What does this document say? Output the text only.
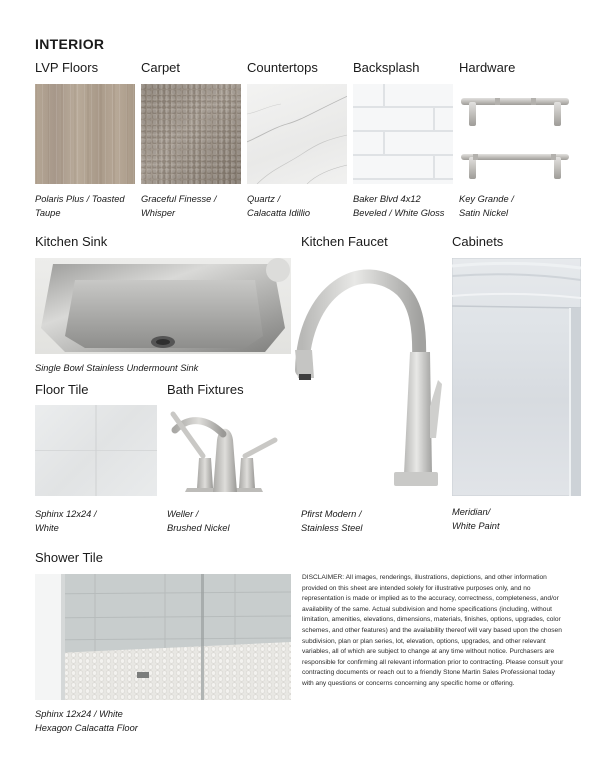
INTERIOR
LVP Floors	Carpet	Countertops	Backsplash	Hardware
Polaris Plus / Toasted
Taupe
Graceful Finesse /
Whisper
Quartz /
Calacatta Idillio
Baker Blvd 4x12
Beveled / White Gloss
Key Grande /
Satin Nickel
Kitchen Sink	Kitchen Faucet	Cabinets
Single Bowl Stainless Undermount Sink
Floor Tile	Bath Fixtures
Sphinx 12x24 /
White
Weller /
Brushed Nickel
Pfirst Modern /
Stainless Steel
Meridian/
White Paint
Shower Tile
Sphinx 12x24 / White
Hexagon Calacatta Floor
DISCLAIMER: All images, renderings, illustrations, depictions, and other information provided on this sheet are intended solely for illustrative purposes only, and no representation is made or implied as to the accuracy, correctness, completeness, and/or availability of the same. Actual subdivision and home specifications (including, without limitation, amenities, elevations, dimensions, materials, finishes, options, upgrades, color schemes, and other features) and the availability thereof will vary based upon the chosen subdivision, plan or plan series, lot, elevation, options, upgrades, and other relevant variables, all of which are subject to change at any time without notice. Purchasers are responsible for confirming all relevant information prior to contracting. Please consult your contracting documents or reach out to a friendly Stone Martin Sales Professional today with any questions or concerns concerning any specific home or offering.
